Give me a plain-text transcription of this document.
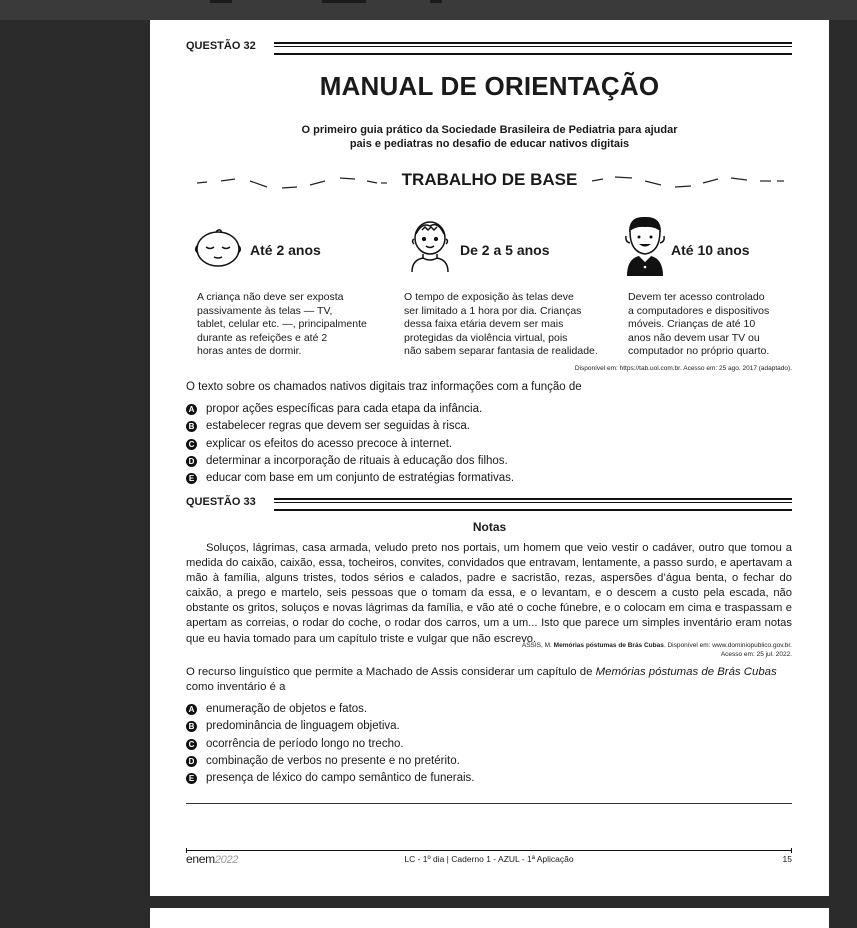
QUESTÃO 32
MANUAL DE ORIENTAÇÃO
O primeiro guia prático da Sociedade Brasileira de Pediatria para ajudar
pais e pediatras no desafio de educar nativos digitais
TRABALHO DE BASE
Até 2 anos	De 2 a 5 anos	Até 10 anos
A criança não deve ser exposta
passivamente às telas — TV,
tablet, celular etc. —, principalmente
durante as refeições e até 2
horas antes de dormir.
O tempo de exposição às telas deve
ser limitado a 1 hora por dia. Crianças
dessa faixa etária devem ser mais
protegidas da violência virtual, pois
não sabem separar fantasia de realidade.
Devem ter acesso controlado
a computadores e dispositivos
móveis. Crianças de até 10
anos não devem usar TV ou
computador no próprio quarto.
Disponível em: https://tab.uol.com.br. Acesso em: 25 ago. 2017 (adaptado).
O texto sobre os chamados nativos digitais traz informações com a função de
A propor ações específicas para cada etapa da infância.
B estabelecer regras que devem ser seguidas à risca.
C explicar os efeitos do acesso precoce à internet.
D determinar a incorporação de rituais à educação dos filhos.
E educar com base em um conjunto de estratégias formativas.
QUESTÃO 33
Notas
Soluços, lágrimas, casa armada, veludo preto nos portais, um homem que veio vestir o cadáver, outro que tomou a medida do caixão, caixão, essa, tocheiros, convites, convidados que entravam, lentamente, a passo surdo, e apertavam a mão à família, alguns tristes, todos sérios e calados, padre e sacristão, rezas, aspersões d’água benta, o fechar do caixão, a prego e martelo, seis pessoas que o tomam da essa, e o levantam, e o descem a custo pela escada, não obstante os gritos, soluços e novas lágrimas da família, e vão até o coche fúnebre, e o colocam em cima e traspassam e apertam as correias, o rodar do coche, o rodar dos carros, um a um... Isto que parece um simples inventário eram notas que eu havia tomado para um capítulo triste e vulgar que não escrevo.
ASSIS, M. Memórias póstumas de Brás Cubas. Disponível em: www.dominiopublico.gov.br.
Acesso em: 25 jul. 2022.
O recurso linguístico que permite a Machado de Assis considerar um capítulo de Memórias póstumas de Brás Cubas
como inventário é a
A enumeração de objetos e fatos.
B predominância de linguagem objetiva.
C ocorrência de período longo no trecho.
D combinação de verbos no presente e no pretérito.
E presença de léxico do campo semântico de funerais.
enem2022	LC - 1º dia | Caderno 1 - AZUL - 1ª Aplicação	15
